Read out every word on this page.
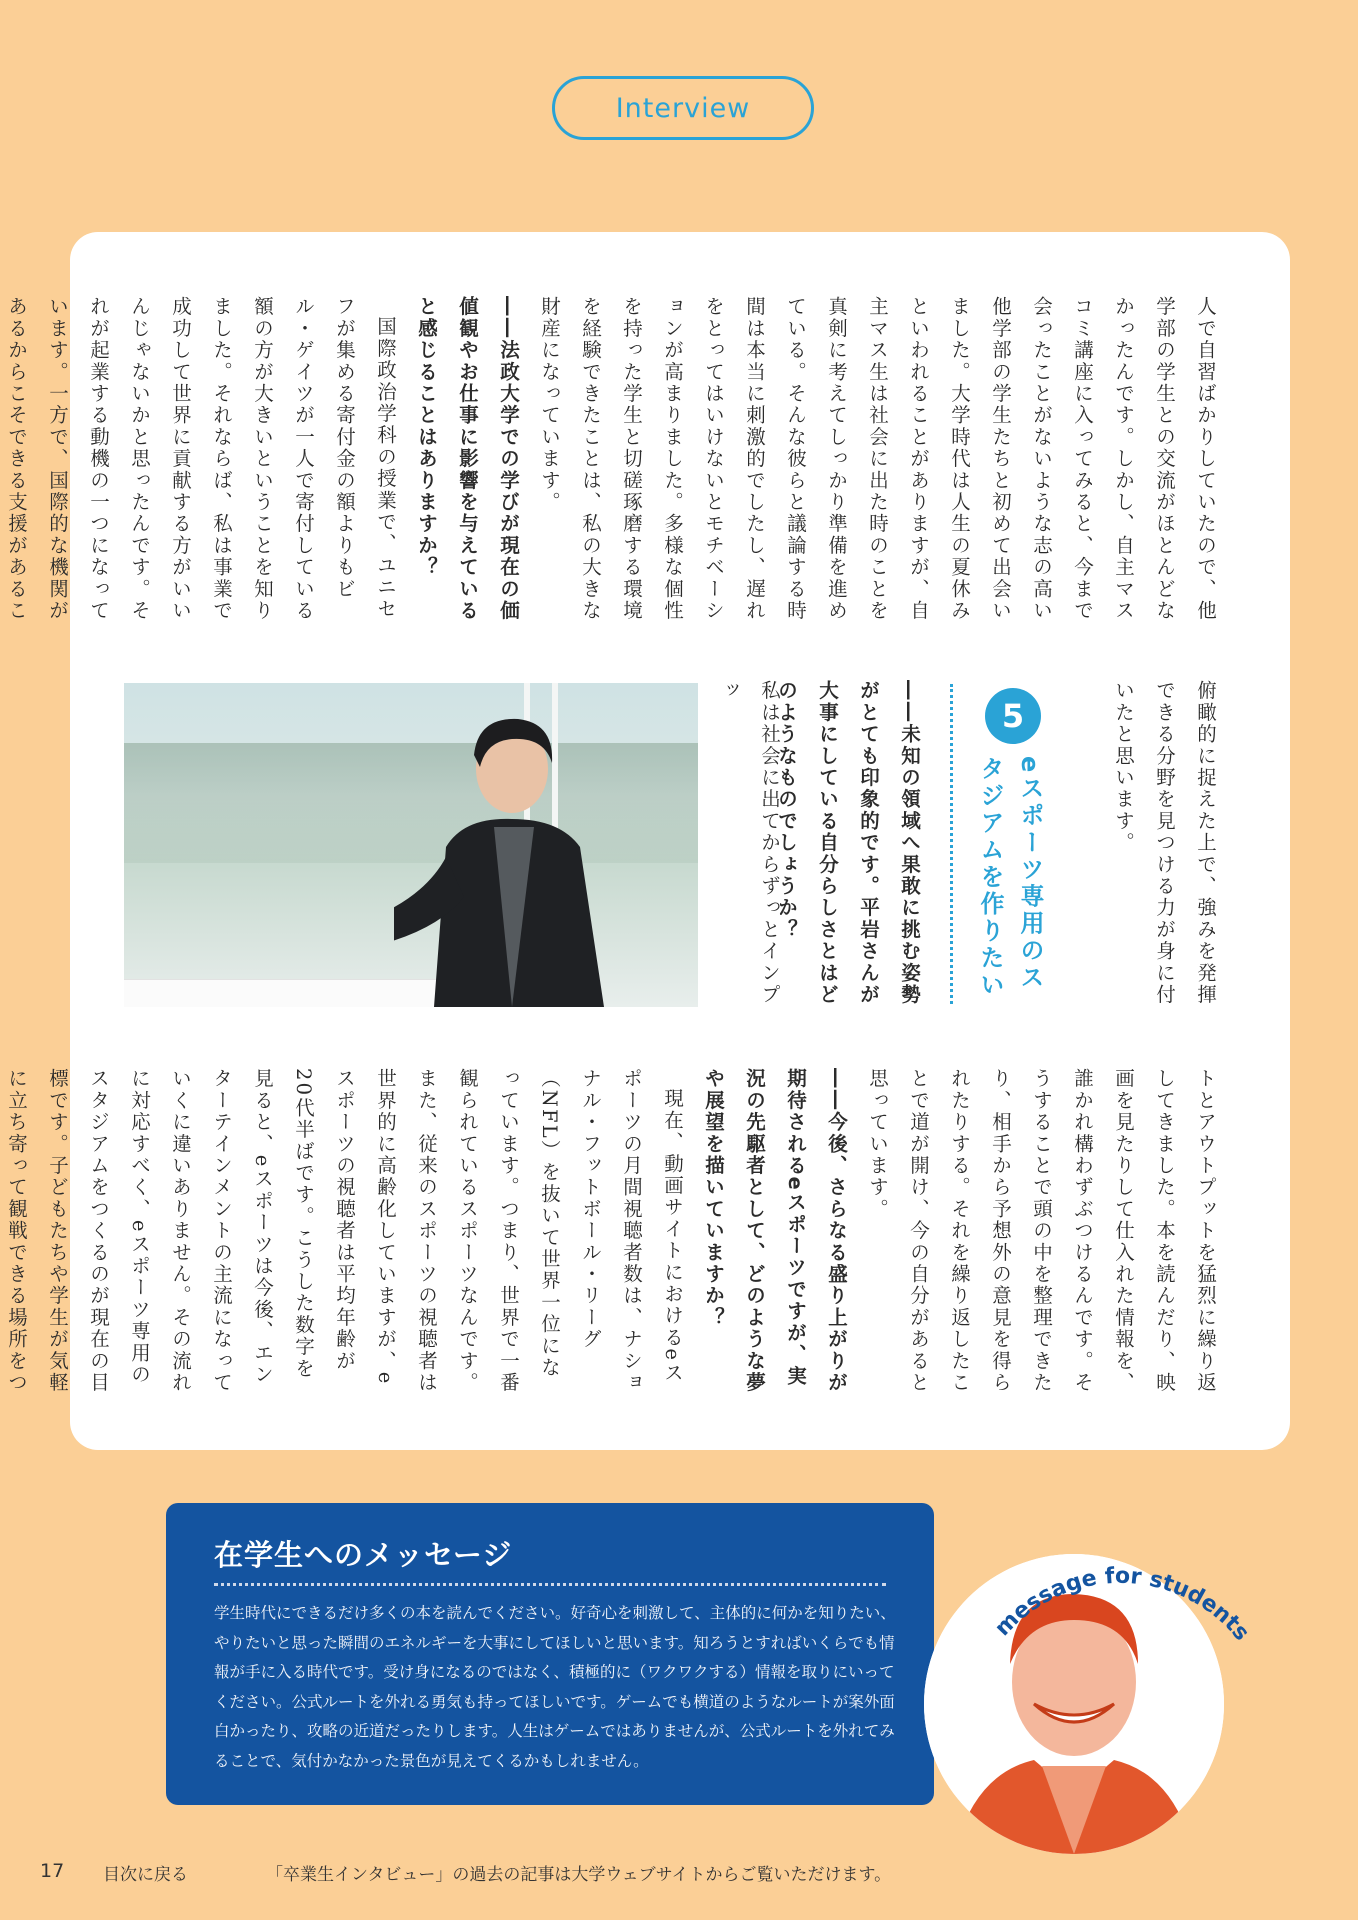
Interview

人で自習ばかりしていたので、他学部の学生との交流がほとんどなかったんです。しかし、自主マスコミ講座に入ってみると、今まで会ったことがないような志の高い他学部の学生たちと初めて出会いました。大学時代は人生の夏休みといわれることがありますが、自主マス生は社会に出た時のことを真剣に考えてしっかり準備を進めている。そんな彼らと議論する時間は本当に刺激的でしたし、遅れをとってはいけないとモチベーションが高まりました。多様な個性を持った学生と切磋琢磨する環境を経験できたことは、私の大きな財産になっています。

――法政大学での学びが現在の価値観やお仕事に影響を与えていると感じることはありますか？

国際政治学科の授業で、ユニセフが集める寄付金の額よりもビル・ゲイツが一人で寄付している額の方が大きいということを知りました。それならば、私は事業で成功して世界に貢献する方がいいんじゃないかと思ったんです。それが起業する動機の一つになっています。一方で、国際的な機関があるからこそできる支援があるこ

俯瞰的に捉えた上で、強みを発揮できる分野を見つける力が身に付いたと思います。
5
eスポーツ専用のスタジアムを作りたい
――未知の領域へ果敢に挑む姿勢がとても印象的です。平岩さんが大事にしている自分らしさとはどのようなものでしょうか？
私は社会に出てからずっとインプッ

トとアウトプットを猛烈に繰り返してきました。本を読んだり、映画を見たりして仕入れた情報を、誰かれ構わずぶつけるんです。そうすることで頭の中を整理できたり、相手から予想外の意見を得られたりする。それを繰り返したことで道が開け、今の自分があると思っています。

――今後、さらなる盛り上がりが期待されるeスポーツですが、実況の先駆者として、どのような夢や展望を描いていますか？

現在、動画サイトにおけるeスポーツの月間視聴者数は、ナショナル・フットボール・リーグ（NFL）を抜いて世界一位になっています。つまり、世界で一番観られているスポーツなんです。また、従来のスポーツの視聴者は世界的に高齢化していますが、eスポーツの視聴者は平均年齢が20代半ばです。こうした数字を見ると、eスポーツは今後、エンターテインメントの主流になっていくに違いありません。その流れに対応すべく、eスポーツ専用のスタジアムをつくるのが現在の目標です。子どもたちや学生が気軽に立ち寄って観戦できる場所をつ

在学生へのメッセージ
学生時代にできるだけ多くの本を読んでください。好奇心を刺激して、主体的に何かを知りたい、やりたいと思った瞬間のエネルギーを大事にしてほしいと思います。知ろうとすればいくらでも情報が手に入る時代です。受け身になるのではなく、積極的に（ワクワクする）情報を取りにいってください。公式ルートを外れる勇気も持ってほしいです。ゲームでも横道のようなルートが案外面白かったり、攻略の近道だったりします。人生はゲームではありませんが、公式ルートを外れてみることで、気付かなかった景色が見えてくるかもしれません。
message for students
17 目次に戻る	「卒業生インタビュー」の過去の記事は大学ウェブサイトからご覧いただけます。
